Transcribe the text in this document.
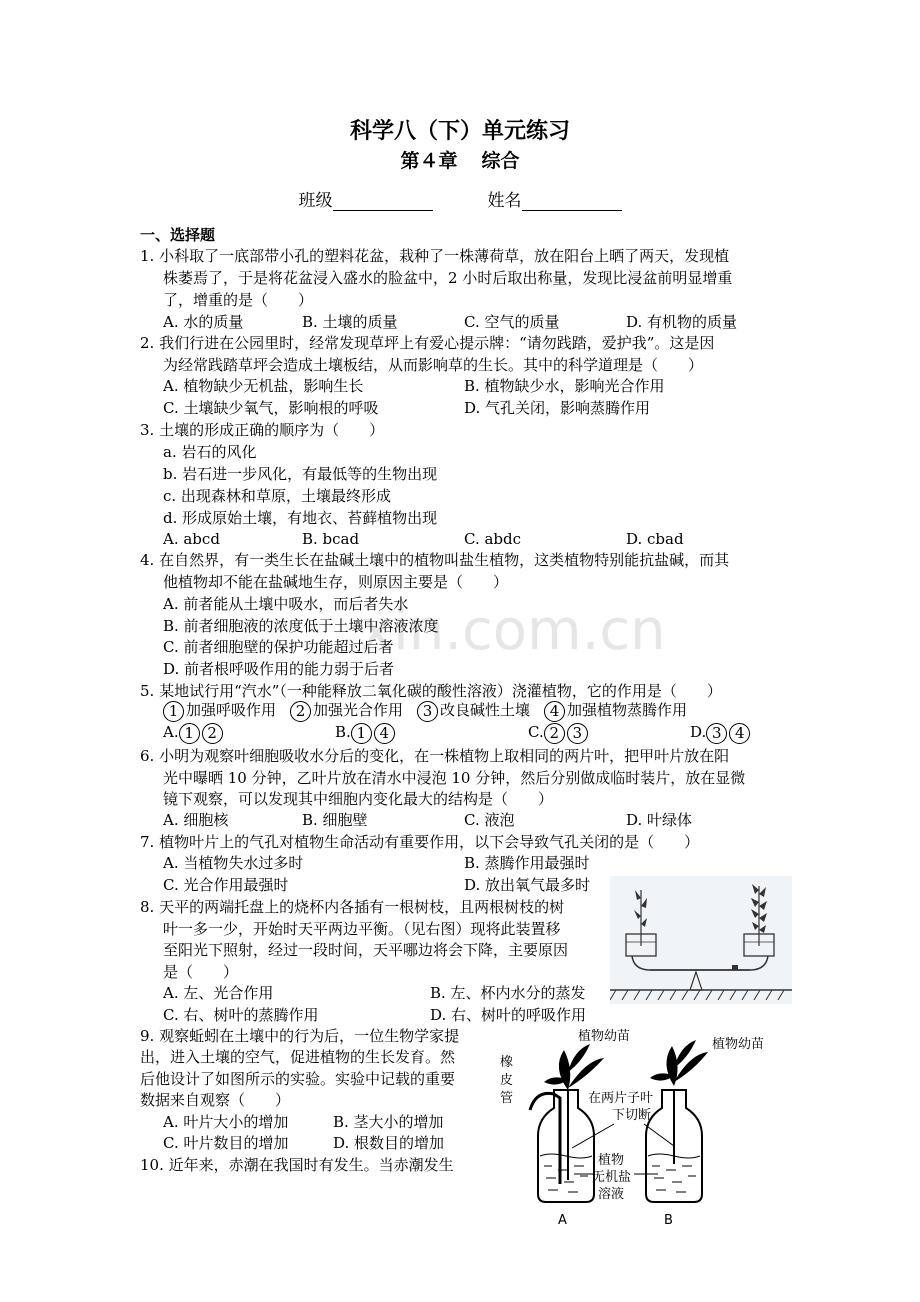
科学八（下）单元练习
第４章 综合
班级	姓名
xin.com.cn
一、选择题
1. 小科取了一底部带小孔的塑料花盆，栽种了一株薄荷草，放在阳台上晒了两天，发现植
株萎焉了，于是将花盆浸入盛水的脸盆中，2 小时后取出称量，发现比浸盆前明显增重
了，增重的是（　　）
A. 水的质量	B. 土壤的质量	C. 空气的质量	D. 有机物的质量
2. 我们行进在公园里时，经常发现草坪上有爱心提示牌：“请勿践踏，爱护我”。这是因
为经常践踏草坪会造成土壤板结，从而影响草的生长。其中的科学道理是（　　）
A. 植物缺少无机盐，影响生长	B. 植物缺少水，影响光合作用
C. 土壤缺少氧气，影响根的呼吸	D. 气孔关闭，影响蒸腾作用
3. 土壤的形成正确的顺序为（　　）
a. 岩石的风化
b. 岩石进一步风化，有最低等的生物出现
c. 出现森林和草原，土壤最终形成
d. 形成原始土壤，有地衣、苔藓植物出现
A. abcd	B. bcad	C. abdc	D. cbad
4. 在自然界，有一类生长在盐碱土壤中的植物叫盐生植物，这类植物特别能抗盐碱，而其
他植物却不能在盐碱地生存，则原因主要是（　　）
A. 前者能从土壤中吸水，而后者失水
B. 前者细胞液的浓度低于土壤中溶液浓度
C. 前者细胞壁的保护功能超过后者
D. 前者根呼吸作用的能力弱于后者
5. 某地试行用“汽水”（一种能释放二氧化碳的酸性溶液）浇灌植物，它的作用是（　　）
1 加强呼吸作用 2 加强光合作用 3 改良碱性土壤 4 加强植物蒸腾作用
A. 1 2	B. 1 4	C. 2 3	D. 3 4
6. 小明为观察叶细胞吸收水分后的变化，在一株植物上取相同的两片叶，把甲叶片放在阳
光中曝晒 10 分钟，乙叶片放在清水中浸泡 10 分钟，然后分别做成临时装片，放在显微
镜下观察，可以发现其中细胞内变化最大的结构是（　　）
A. 细胞核	B. 细胞壁	C. 液泡	D. 叶绿体
7. 植物叶片上的气孔对植物生命活动有重要作用，以下会导致气孔关闭的是（　　）
A. 当植物失水过多时	B. 蒸腾作用最强时
C. 光合作用最强时	D. 放出氧气最多时
8. 天平的两端托盘上的烧杯内各插有一根树枝，且两根树枝的树
叶一多一少，开始时天平两边平衡。（见右图）现将此装置移
至阳光下照射，经过一段时间，天平哪边将会下降，主要原因
是（　　）
A. 左、光合作用	B. 左、杯内水分的蒸发
C. 右、树叶的蒸腾作用	D. 右、树叶的呼吸作用
9. 观察蚯蚓在土壤中的行为后，一位生物学家提
出，进入土壤的空气，促进植物的生长发育。然
后他设计了如图所示的实验。实验中记载的重要
数据来自观察（　　）
A. 叶片大小的增加	B. 茎大小的增加
C. 叶片数目的增加	D. 根数目的增加
10. 近年来，赤潮在我国时有发生。当赤潮发生
植物幼苗
植物幼苗
橡
皮
管	在两片子叶
下切断
植物
无机盐
溶液
A	B
